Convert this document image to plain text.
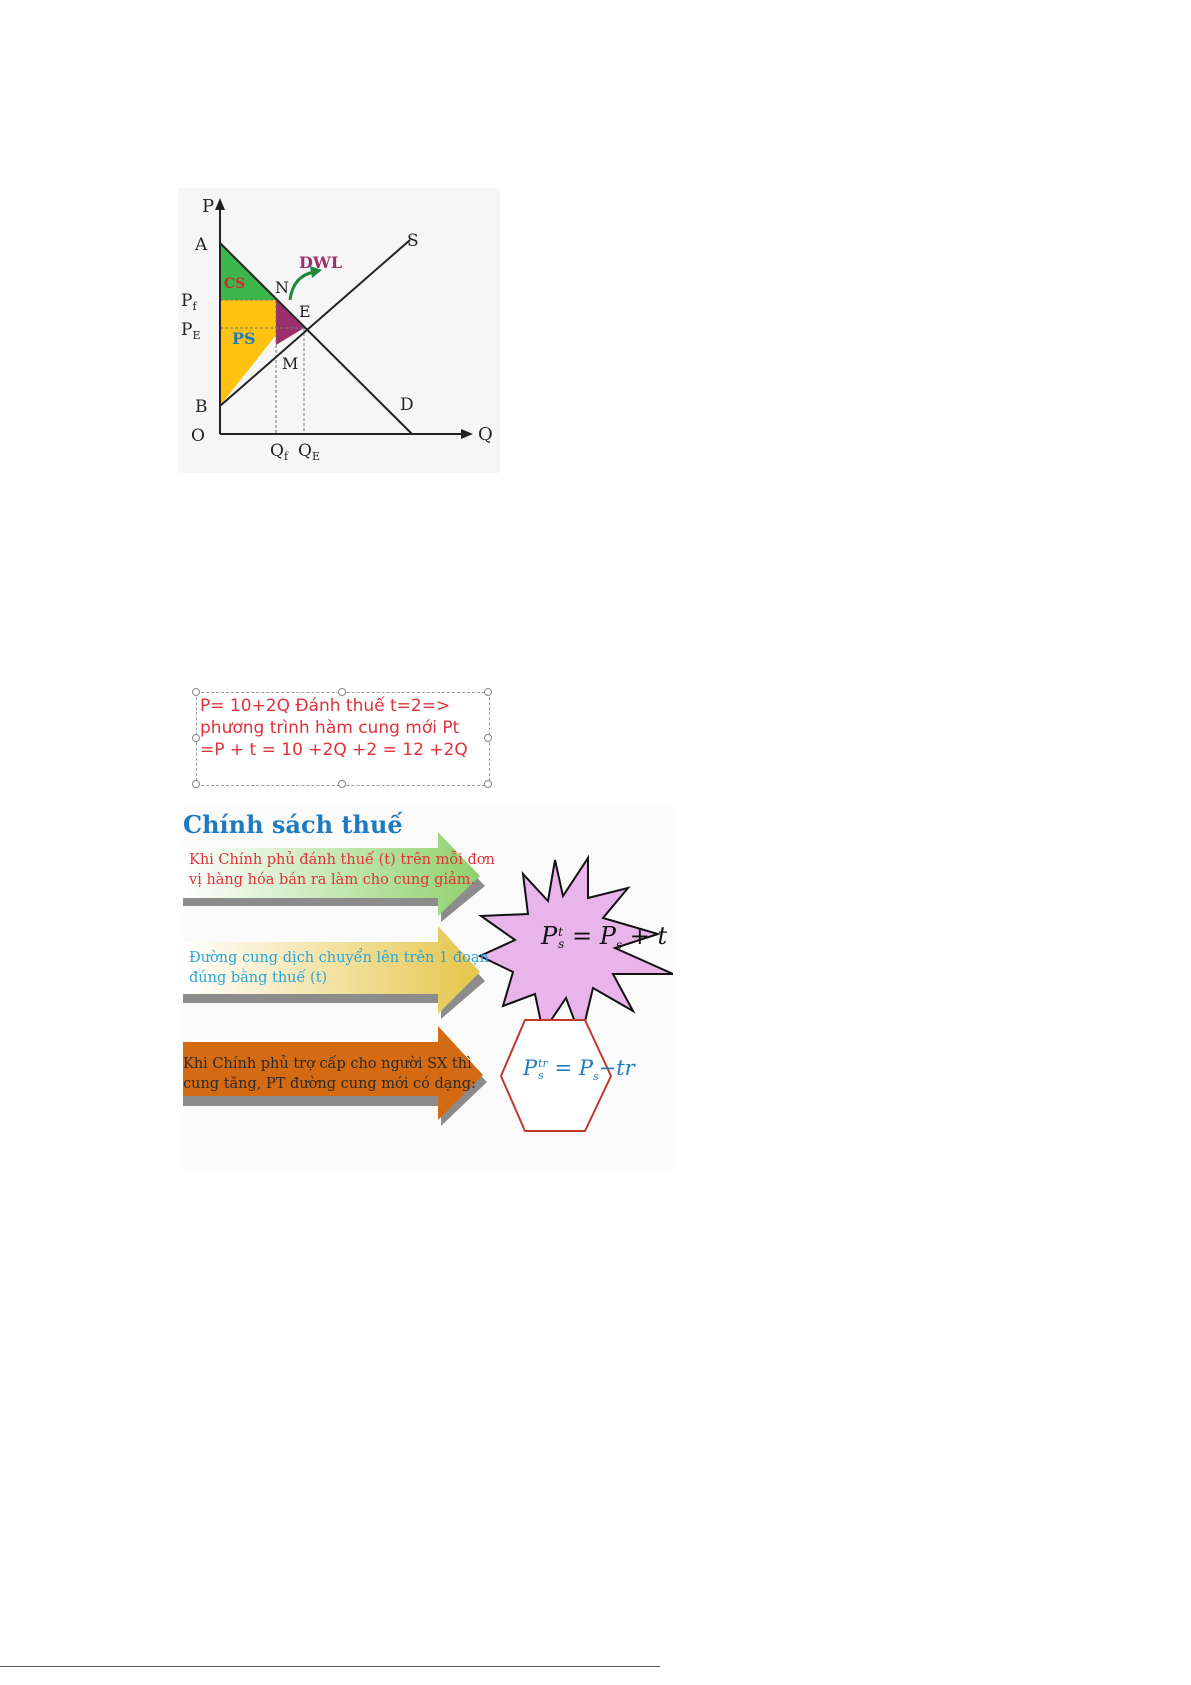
P
A
$P_f$
$P_E$
B
O	Q
$Q_f$ $Q_E$
N
E
M
S
D
CS
PS
DWL
P= 10+2Q Đánh thuế t=2=>
phương trình hàm cung mới Pt
=P + t = 10 +2Q +2 = 12 +2Q
Chính sách thuế
Khi Chính phủ đánh thuế (t) trên mỗi đơn
vị hàng hóa bán ra làm cho cung giảm.
Đường cung dịch chuyển lên trên 1 đoạn
đúng bằng thuế (t)
Khi Chính phủ trợ cấp cho người SX thì
cung tăng, PT đường cung mới có dạng:
P t
$s = P_s + t$
P tr
$s = P_s-tr$
